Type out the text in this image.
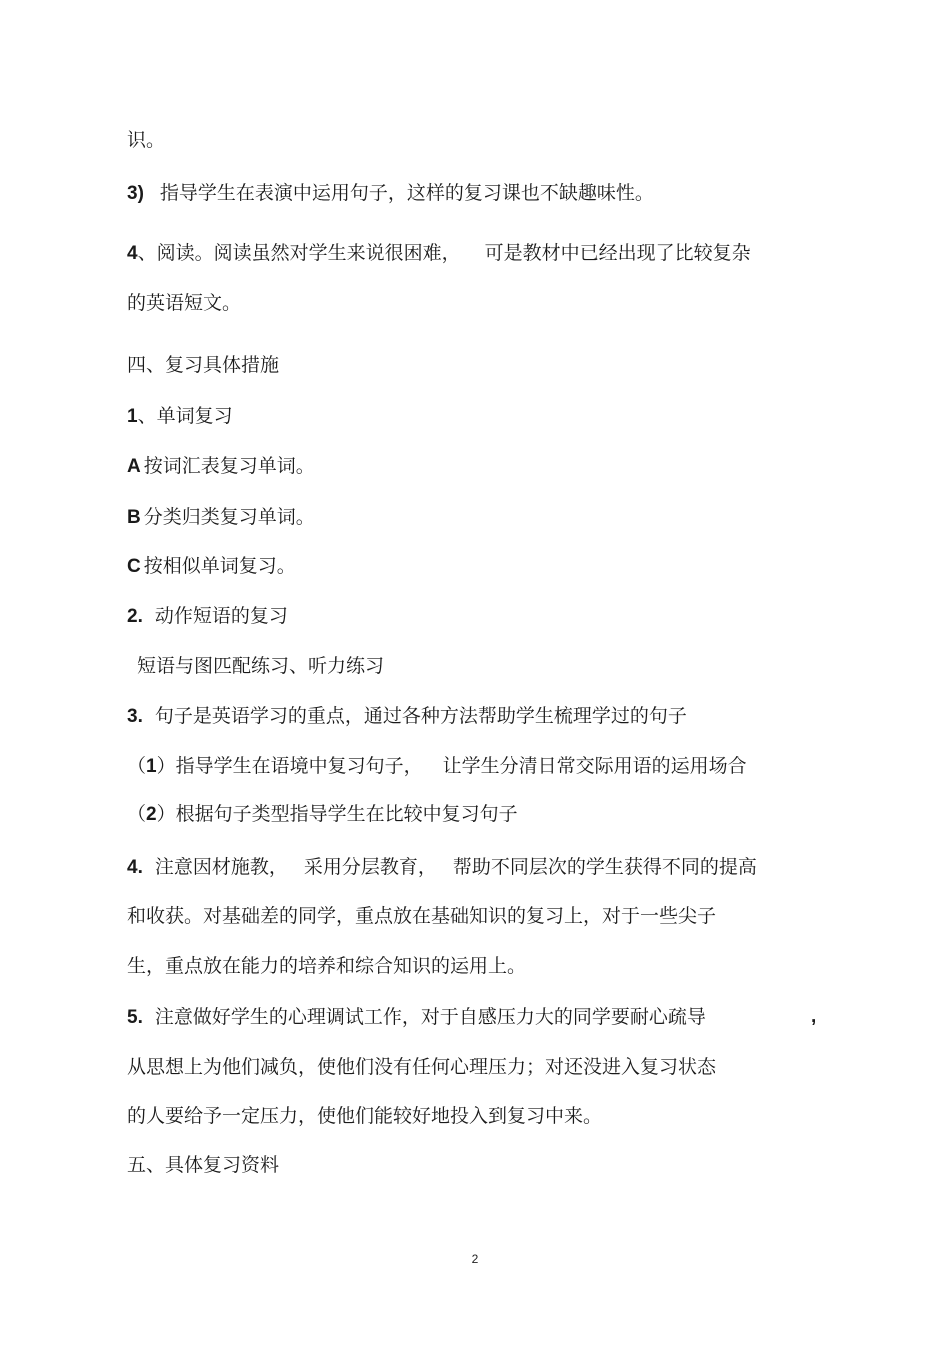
识。
3) 指导学生在表演中运用句子，这样的复习课也不缺趣味性。
4、阅读。阅读虽然对学生来说很困难， 可是教材中已经出现了比较复杂
的英语短文。
四、复习具体措施
1、单词复习
A 按词汇表复习单词。
B 分类归类复习单词。
C 按相似单词复习。
2. 动作短语的复习
短语与图匹配练习、听力练习
3. 句子是英语学习的重点，通过各种方法帮助学生梳理学过的句子
（1）指导学生在语境中复习句子， 让学生分清日常交际用语的运用场合
（2）根据句子类型指导学生在比较中复习句子
4. 注意因材施教， 采用分层教育， 帮助不同层次的学生获得不同的提高
和收获。对基础差的同学，重点放在基础知识的复习上，对于一些尖子
生，重点放在能力的培养和综合知识的运用上。
5. 注意做好学生的心理调试工作，对于自感压力大的同学要耐心疏导	,
从思想上为他们减负，使他们没有任何心理压力；对还没进入复习状态
的人要给予一定压力，使他们能较好地投入到复习中来。
五、具体复习资料
2
